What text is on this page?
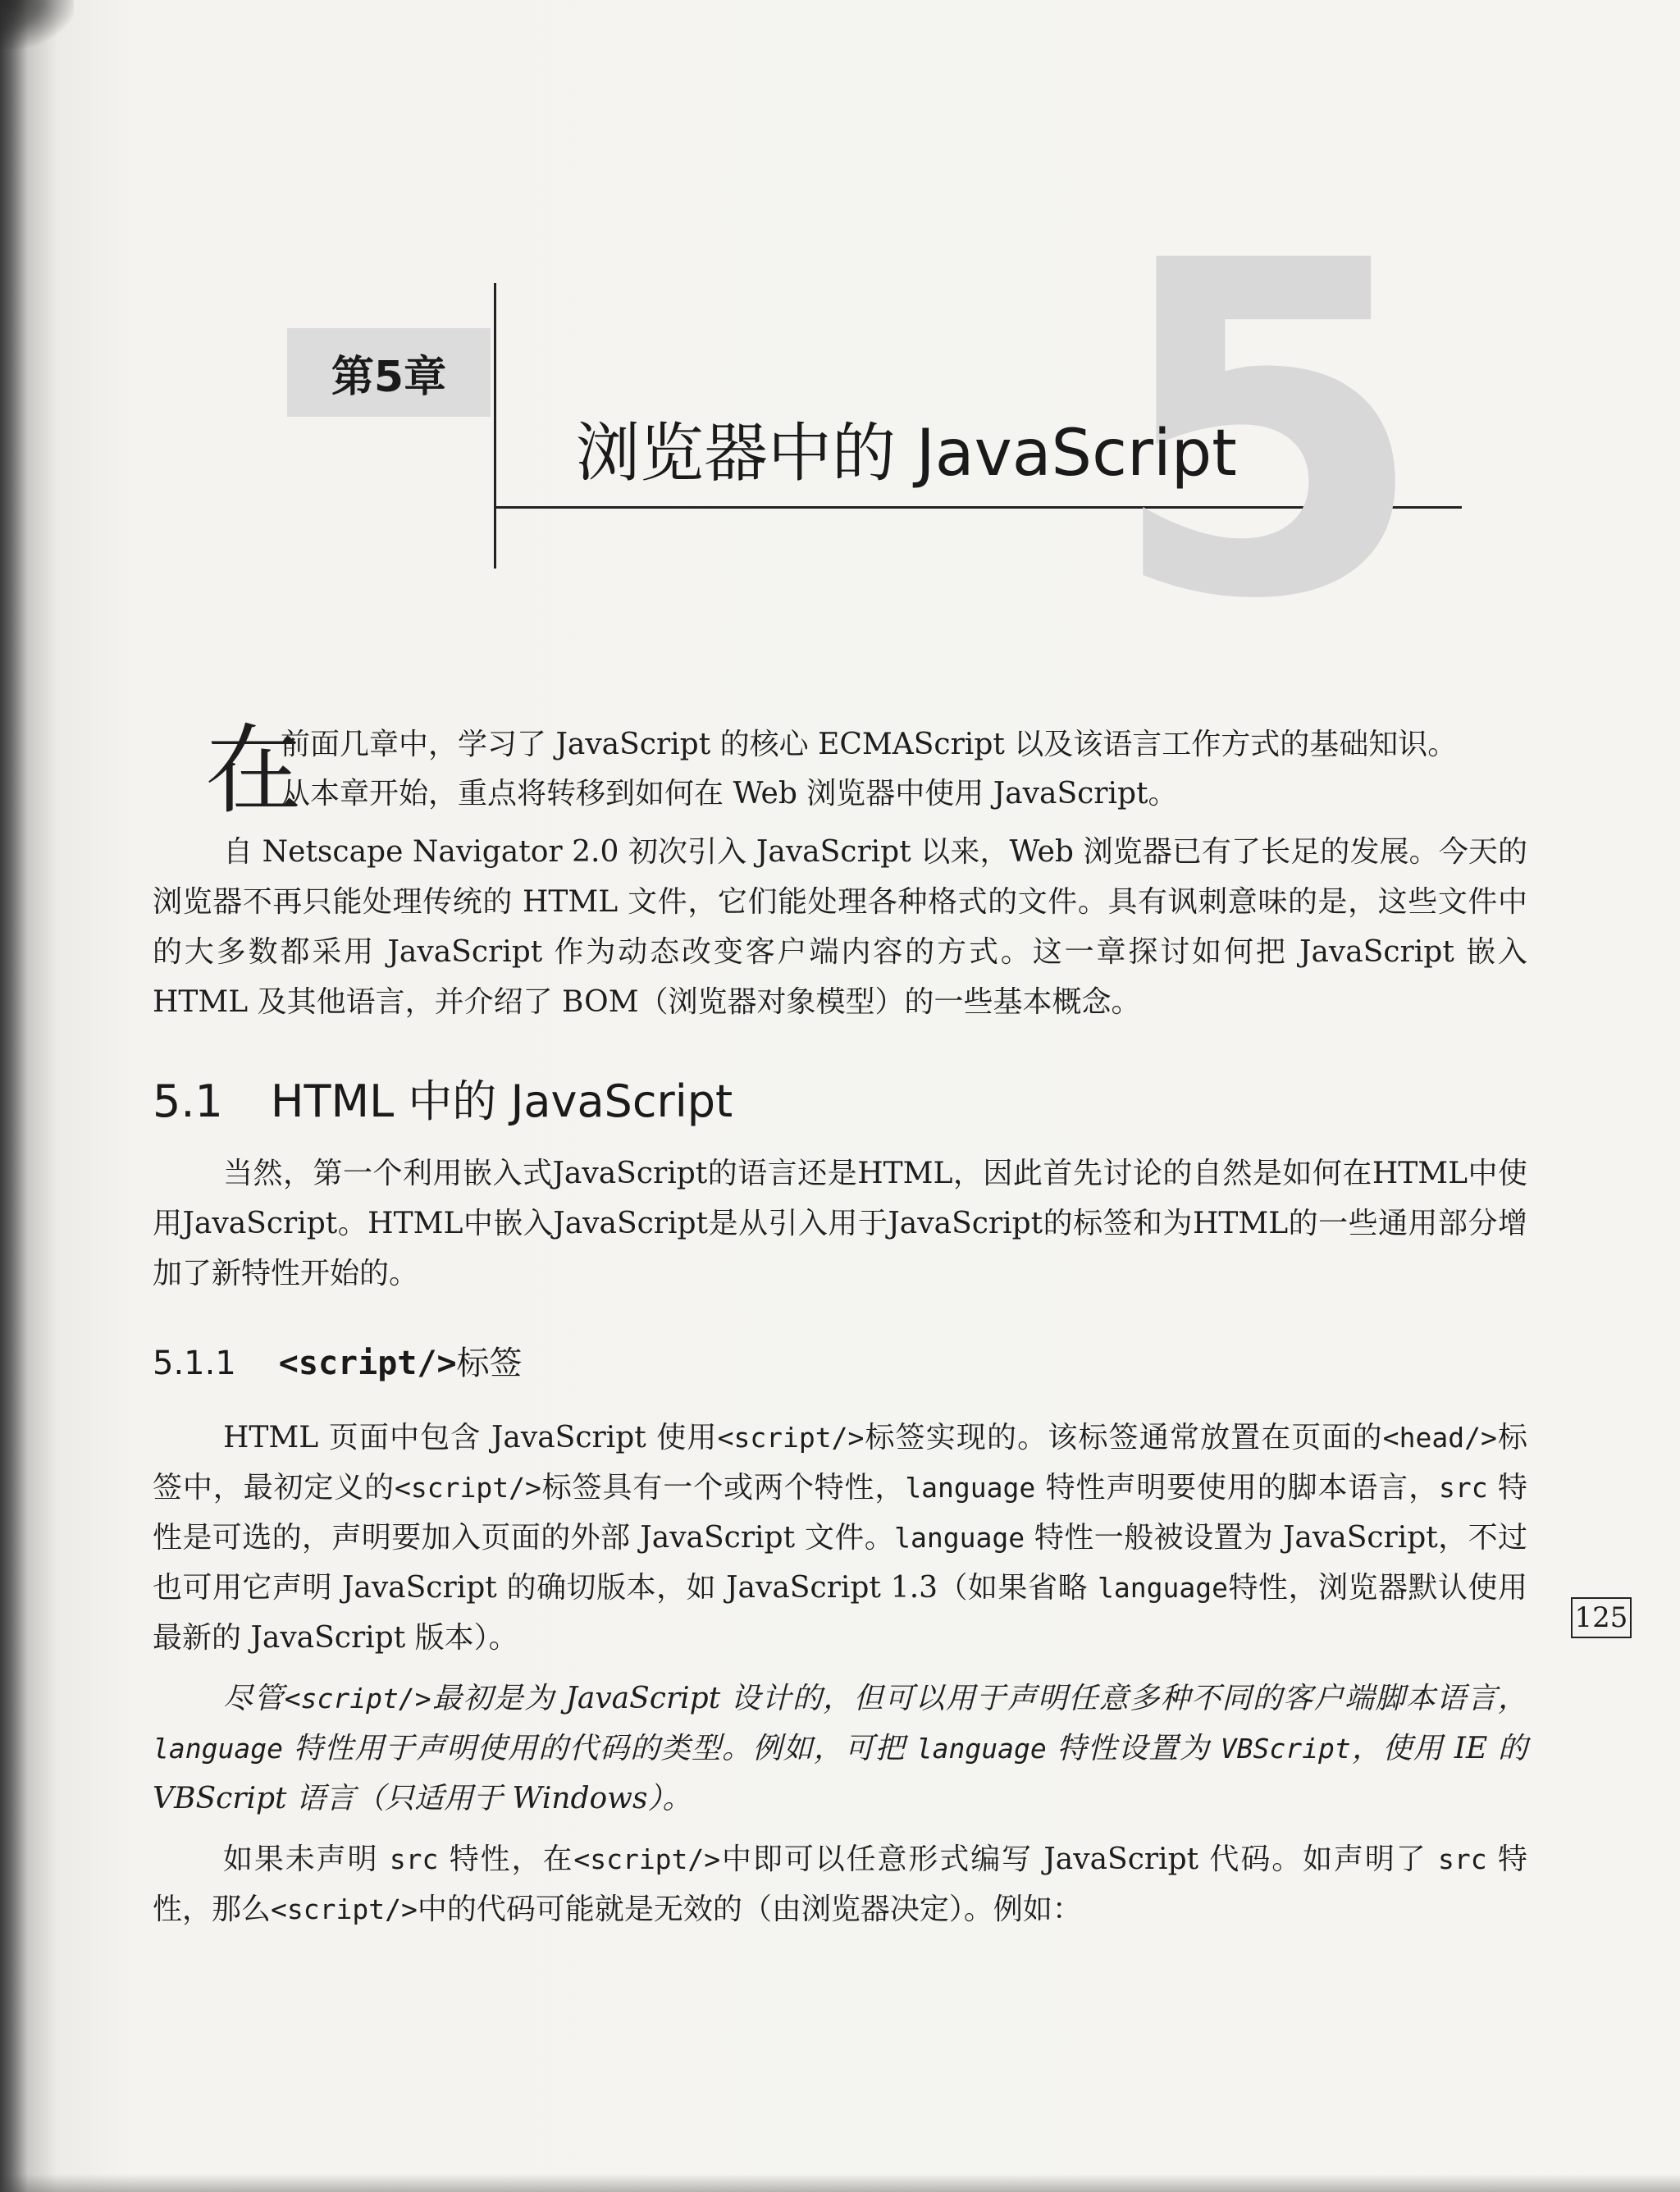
第5章 5
浏览器中的 JavaScript
在
前面几章中，学习了 JavaScript 的核心 ECMAScript 以及该语言工作方式的基础知识。
从本章开始，重点将转移到如何在 Web 浏览器中使用 JavaScript。

自 Netscape Navigator 2.0 初次引入 JavaScript 以来，Web 浏览器已有了长足的发展。今天的浏览器不再只能处理传统的 HTML 文件，它们能处理各种格式的文件。具有讽刺意味的是，这些文件中的大多数都采用 JavaScript 作为动态改变客户端内容的方式。这一章探讨如何把 JavaScript 嵌入 HTML 及其他语言，并介绍了 BOM（浏览器对象模型）的一些基本概念。

5.1 HTML 中的 JavaScript

当然，第一个利用嵌入式JavaScript的语言还是HTML，因此首先讨论的自然是如何在HTML中使用JavaScript。HTML中嵌入JavaScript是从引入用于JavaScript的标签和为HTML的一些通用部分增加了新特性开始的。

5.1.1 <script/>标签

HTML 页面中包含 JavaScript 使用<script/>标签实现的。该标签通常放置在页面的<head/>标签中，最初定义的<script/>标签具有一个或两个特性，language 特性声明要使用的脚本语言，src 特性是可选的，声明要加入页面的外部 JavaScript 文件。language 特性一般被设置为 JavaScript，不过也可用它声明 JavaScript 的确切版本，如 JavaScript 1.3（如果省略 language特性，浏览器默认使用最新的 JavaScript 版本）。

125

尽管<script/>最初是为 JavaScript 设计的，但可以用于声明任意多种不同的客户端脚本语言，language 特性用于声明使用的代码的类型。例如，可把 language 特性设置为 VBScript，使用 IE 的 VBScript 语言（只适用于 Windows）。

如果未声明 src 特性，在<script/>中即可以任意形式编写 JavaScript 代码。如声明了 src 特性，那么<script/>中的代码可能就是无效的（由浏览器决定）。例如：
